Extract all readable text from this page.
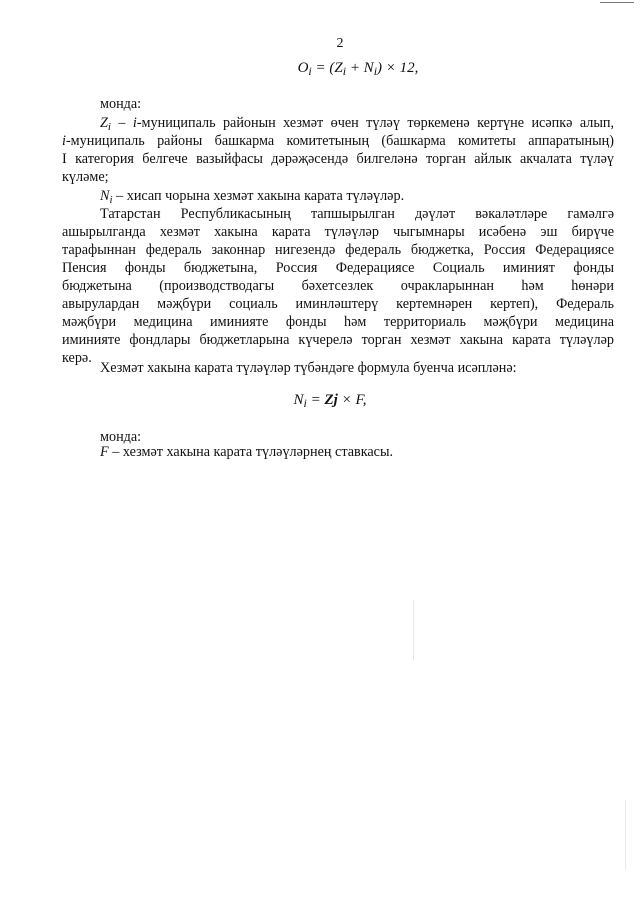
2
$O_i = (Z_i + N_i) \times 12$,
монда:
$Z_i$ – i-муниципаль районын хезмәт өчен түләү төркеменә кертүне исәпкә алып,
i-муниципаль районы башкарма комитетының (башкарма комитеты аппаратының)
I категория белгече вазыйфасы дәрәҗәсендә билгеләнә торган айлык акчалата түләү
күләме;
$N_i$ – хисап чорына хезмәт хакына карата түләүләр.
Татарстан Республикасының тапшырылган дәүләт вәкаләтләре гамәлгә
ашырылганда хезмәт хакына карата түләүләр чыгымнары исәбенә эш бирүче
тарафыннан федераль законнар нигезендә федераль бюджетка, Россия Федерациясе
Пенсия фонды бюджетына, Россия Федерациясе Социаль иминият фонды
бюджетына (производстводагы бәхетсезлек очракларыннан һәм һөнәри
авырулардан мәҗбүри социаль иминләштерү кертемнәрен кертеп), Федераль
мәҗбүри медицина иминияте фонды һәм территориаль мәҗбүри медицина
иминияте фондлары бюджетларына күчерелә торган хезмәт хакына карата түләүләр
керә.
Хезмәт хакына карата түләүләр түбәндәге формула буенча исәпләнә:
$N_i = Zj \times F$,
монда:
F – хезмәт хакына карата түләүләрнең ставкасы.
